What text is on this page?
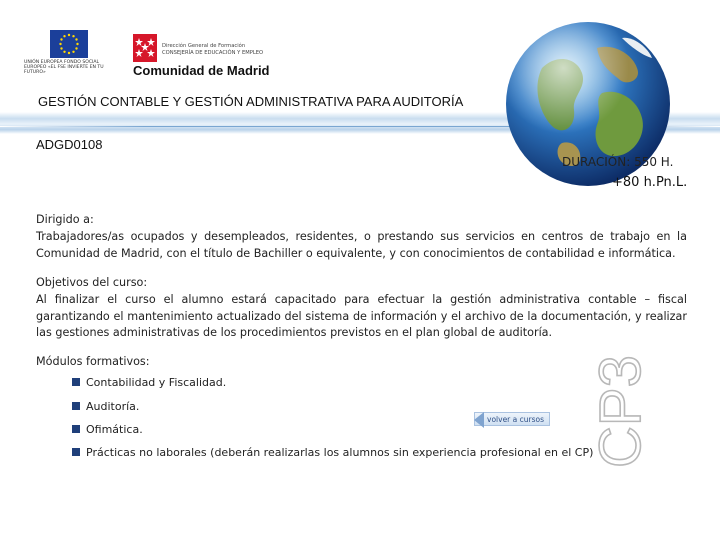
UNIÓN EUROPEA FONDO SOCIAL EUROPEO «EL FSE INVIERTE EN TU FUTURO»
Dirección General de Formación
CONSEJERÍA DE EDUCACIÓN Y EMPLEO
Comunidad de Madrid
GESTIÓN CONTABLE Y GESTIÓN ADMINISTRATIVA PARA AUDITORÍA
ADGD0108
DURACIÓN: 550 H.
+80 h.Pn.L.
Dirigido a:
Trabajadores/as ocupados y desempleados, residentes, o prestando sus servicios en centros de trabajo en la Comunidad de Madrid, con el título de Bachiller o equivalente, y con conocimientos de contabilidad e informática.
Objetivos del curso:
Al finalizar el curso el alumno estará capacitado para efectuar la gestión administrativa contable – fiscal garantizando el mantenimiento actualizado del sistema de información y el archivo de la documentación, y realizar las gestiones administrativas de los procedimientos previstos en el plan global de auditoría.
Módulos formativos:
Contabilidad y Fiscalidad.
Auditoría.
Ofimática.
Prácticas no laborales (deberán realizarlas los alumnos sin experiencia profesional en el CP)
volver a cursos CP3
